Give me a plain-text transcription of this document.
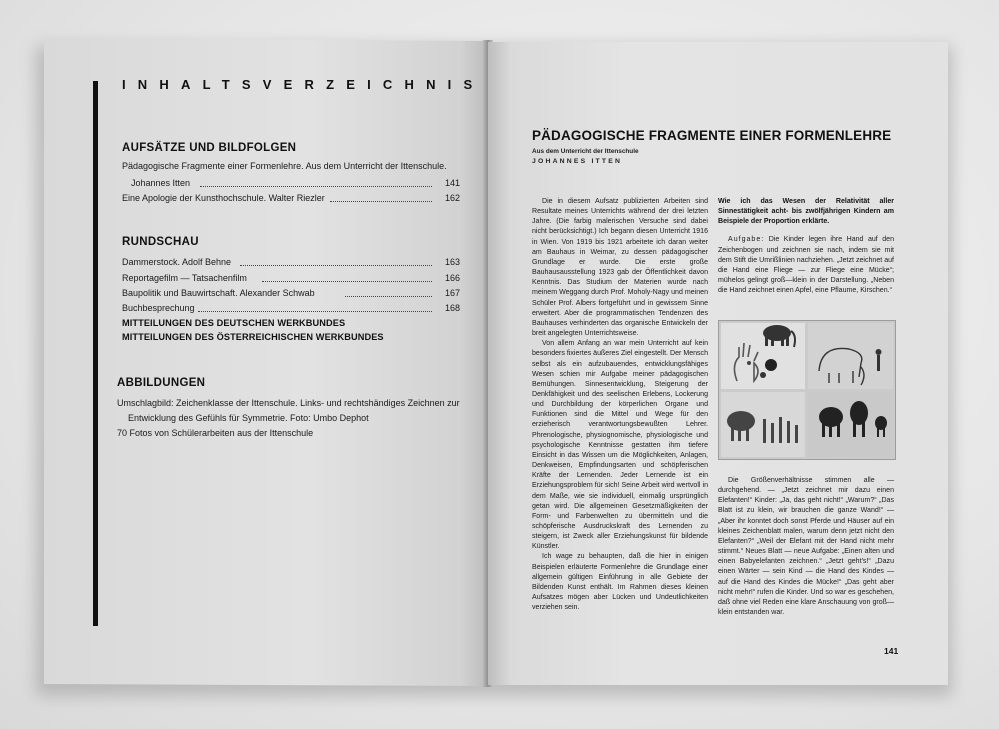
INHALTSVERZEICHNIS
AUFSÄTZE UND BILDFOLGEN
Pädagogische Fragmente einer Formenlehre. Aus dem Unterricht der Ittenschule.
Johannes Itten	141
Eine Apologie der Kunsthochschule. Walter Riezler	162
RUNDSCHAU
Dammerstock. Adolf Behne	163
Reportagefilm — Tatsachenfilm	166
Baupolitik und Bauwirtschaft. Alexander Schwab	167
Buchbesprechung	168
MITTEILUNGEN DES DEUTSCHEN WERKBUNDES
MITTEILUNGEN DES ÖSTERREICHISCHEN WERKBUNDES
ABBILDUNGEN
Umschlagbild: Zeichenklasse der Ittenschule. Links- und rechtshändiges Zeichnen zur
Entwicklung des Gefühls für Symmetrie. Foto: Umbo Dephot
70 Fotos von Schülerarbeiten aus der Ittenschule
PÄDAGOGISCHE FRAGMENTE EINER FORMENLEHRE
Aus dem Unterricht der Ittenschule
JOHANNES ITTEN

Die in diesem Aufsatz publizierten Arbeiten sind Resultate meines Unterrichts während der drei letzten Jahre. (Die farbig malerischen Versuche sind dabei nicht berücksichtigt.) Ich begann diesen Unterricht 1916 in Wien. Von 1919 bis 1921 arbeitete ich daran weiter am Bauhaus in Weimar, zu dessen pädagogischer Grundlage er wurde. Die erste große Bauhausausstellung 1923 gab der Öffentlichkeit davon Kenntnis. Das Studium der Materien wurde nach meinem Weggang durch Prof. Moholy-Nagy und meinen Schüler Prof. Albers fortgeführt und in gewissem Sinne erweitert. Aber die programmatischen Tendenzen des Bauhauses verhinderten das organische Entwickeln der breit angelegten Unterrichtsweise.

Von allem Anfang an war mein Unterricht auf kein besonders fixiertes äußeres Ziel eingestellt. Der Mensch selbst als ein aufzubauendes, entwicklungsfähiges Wesen schien mir Aufgabe meiner pädagogischen Bemühungen. Sinnesentwicklung, Steigerung der Denkfähigkeit und des seelischen Erlebens, Lockerung und Durchbildung der körperlichen Organe und Funktionen sind die Mittel und Wege für den erzieherisch verantwortungsbewußten Lehrer. Phrenologische, physiognomische, physiologische und psychologische Kenntnisse gestatten ihm tiefere Einsicht in das Wissen um die Möglichkeiten, Anlagen, Denkweisen, Empfindungsarten und schöpferischen Kräfte der Lernenden. Jeder Lernende ist ein Erziehungsproblem für sich! Seine Arbeit wird wertvoll in dem Maße, wie sie individuell, einmalig ursprünglich getan wird. Die allgemeinen Gesetzmäßigkeiten der Form- und Farbenwelten zu übermitteln und die schöpferische Ausdruckskraft des Lernenden zu steigern, ist Zweck aller Erziehungskunst für bildende Künstler.

Ich wage zu behaupten, daß die hier in einigen Beispielen erläuterte Formenlehre die Grundlage einer allgemein gültigen Einführung in alle Gebiete der Bildenden Kunst enthält. Im Rahmen dieses kleinen Aufsatzes mögen aber Lücken und Undeutlichkeiten verziehen sein.

Wie ich das Wesen der Relativität aller Sinnestätigkeit acht- bis zwölfjährigen Kindern am Beispiele der Proportion erklärte.

Aufgabe: Die Kinder legen ihre Hand auf den Zeichenbogen und zeichnen sie nach, indem sie mit dem Stift die Umrißlinien nachziehen. „Jetzt zeichnet auf die Hand eine Fliege — zur Fliege eine Mücke“; mühelos gelingt groß—klein in der Darstellung. „Neben die Hand zeichnet einen Apfel, eine Pflaume, Kirschen.“

Die Größenverhältnisse stimmen alle — durchgehend. — „Jetzt zeichnet mir dazu einen Elefanten!“ Kinder: „Ja, das geht nicht!“ „Warum?“ „Das Blatt ist zu klein, wir brauchen die ganze Wand!“ — „Aber ihr konntet doch sonst Pferde und Häuser auf ein kleines Zeichenblatt malen, warum denn jetzt nicht den Elefanten?“ „Weil der Elefant mit der Hand nicht mehr stimmt.“ Neues Blatt — neue Aufgabe: „Einen alten und einen Babyelefanten zeichnen.“ „Jetzt geht's!“ „Dazu einen Wärter — sein Kind — die Hand des Kindes — auf die Hand des Kindes die Mücke!“ „Das geht aber nicht mehr!“ rufen die Kinder. Und so war es geschehen, daß ohne viel Reden eine klare Anschauung von groß—klein entstanden war.

141
